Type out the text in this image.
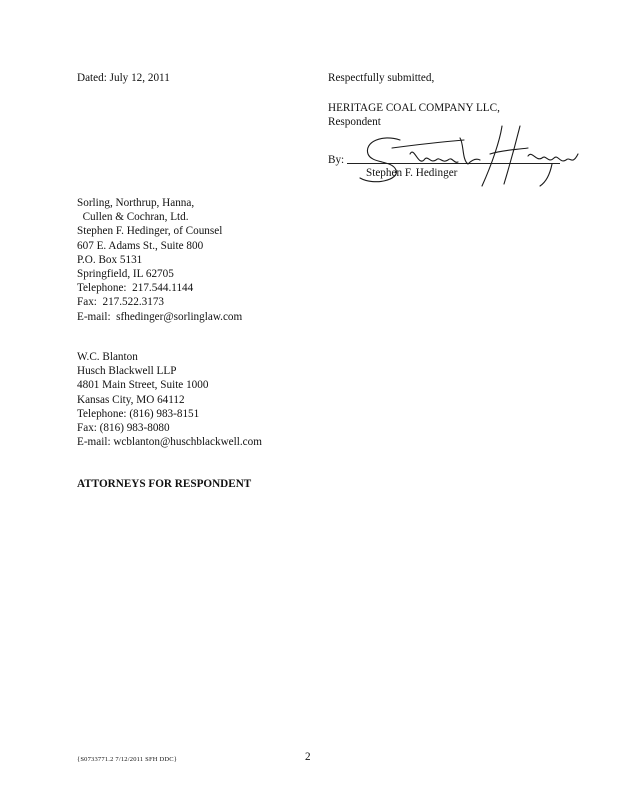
Dated: July 12, 2011	Respectfully submitted,
HERITAGE COAL COMPANY LLC,
Respondent
By:
Stephen F. Hedinger
Sorling, Northrup, Hanna,
Cullen & Cochran, Ltd.
Stephen F. Hedinger, of Counsel
607 E. Adams St., Suite 800
P.O. Box 5131
Springfield, IL 62705
Telephone:  217.544.1144
Fax:  217.522.3173
E-mail:  sfhedinger@sorlinglaw.com
W.C. Blanton
Husch Blackwell LLP
4801 Main Street, Suite 1000
Kansas City, MO 64112
Telephone: (816) 983-8151
Fax: (816) 983-8080
E-mail: wcblanton@huschblackwell.com
ATTORNEYS FOR RESPONDENT
{S0733771.2 7/12/2011 SFH DDC}	2
